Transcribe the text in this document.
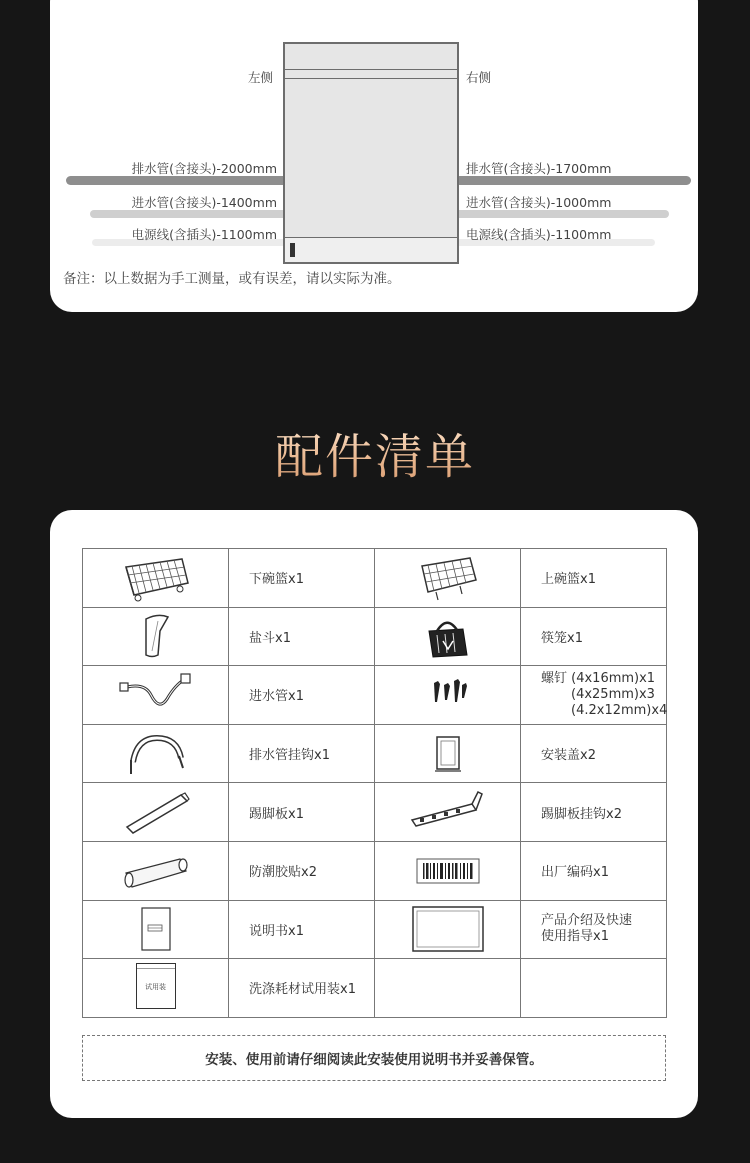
左侧	右侧
排水管(含接头)-2000mm	排水管(含接头)-1700mm
进水管(含接头)-1400mm	进水管(含接头)-1000mm
电源线(含插头)-1100mm	电源线(含插头)-1100mm
备注：以上数据为手工测量，或有误差，请以实际为准。
配件清单
	下碗篮x1		上碗篮x1
	盐斗x1		筷笼x1
	进水管x1		螺钉 (4x16mm)x1
(4x25mm)x3
(4.2x12mm)x4

	排水管挂钩x1		安装盖x2
	踢脚板x1		踢脚板挂钩x2
	防潮胶贴x2		出厂编码x1
	说明书x1		产品介绍及快速
使用指导x1

试用装	洗涤耗材试用装x1		
安装、使用前请仔细阅读此安装使用说明书并妥善保管。
